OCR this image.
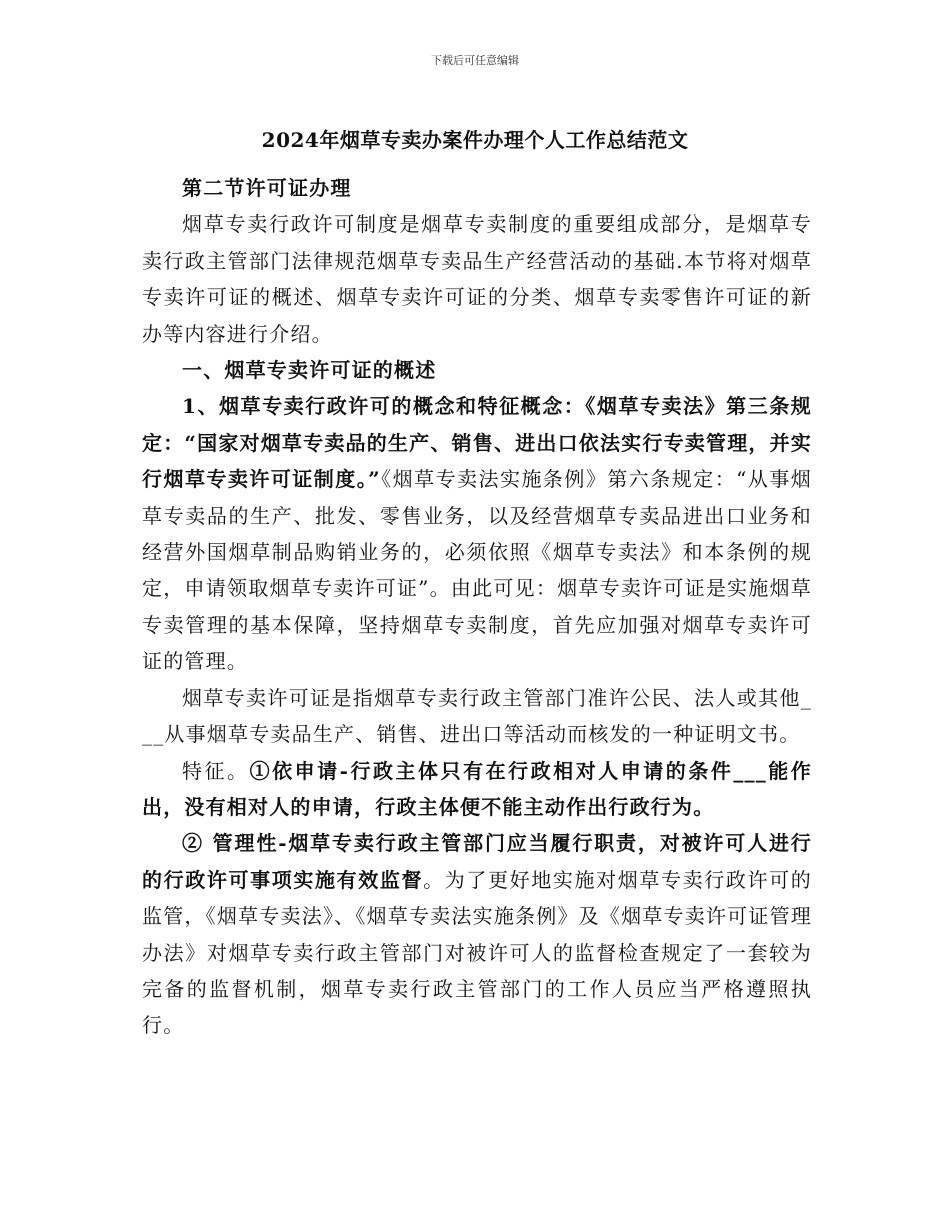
下载后可任意编辑
2024年烟草专卖办案件办理个人工作总结范文

第二节许可证办理

烟草专卖行政许可制度是烟草专卖制度的重要组成部分，是烟草专卖行政主管部门法律规范烟草专卖品生产经营活动的基础.本节将对烟草专卖许可证的概述、烟草专卖许可证的分类、烟草专卖零售许可证的新办等内容进行介绍。

一、烟草专卖许可证的概述

1、烟草专卖行政许可的概念和特征概念：《烟草专卖法》第三条规定：“国家对烟草专卖品的生产、销售、进出口依法实行专卖管理，并实行烟草专卖许可证制度。”《烟草专卖法实施条例》第六条规定：“从事烟草专卖品的生产、批发、零售业务，以及经营烟草专卖品进出口业务和经营外国烟草制品购销业务的，必须依照《烟草专卖法》和本条例的规定，申请领取烟草专卖许可证”。由此可见：烟草专卖许可证是实施烟草专卖管理的基本保障，坚持烟草专卖制度，首先应加强对烟草专卖许可证的管理。

烟草专卖许可证是指烟草专卖行政主管部门准许公民、法人或其他___从事烟草专卖品生产、销售、进出口等活动而核发的一种证明文书。

特征。①依申请-行政主体只有在行政相对人申请的条件___能作出，没有相对人的申请，行政主体便不能主动作出行政行为。

② 管理性-烟草专卖行政主管部门应当履行职责，对被许可人进行的行政许可事项实施有效监督。为了更好地实施对烟草专卖行政许可的监管，《烟草专卖法》、《烟草专卖法实施条例》及《烟草专卖许可证管理办法》对烟草专卖行政主管部门对被许可人的监督检查规定了一套较为完备的监督机制，烟草专卖行政主管部门的工作人员应当严格遵照执行。
